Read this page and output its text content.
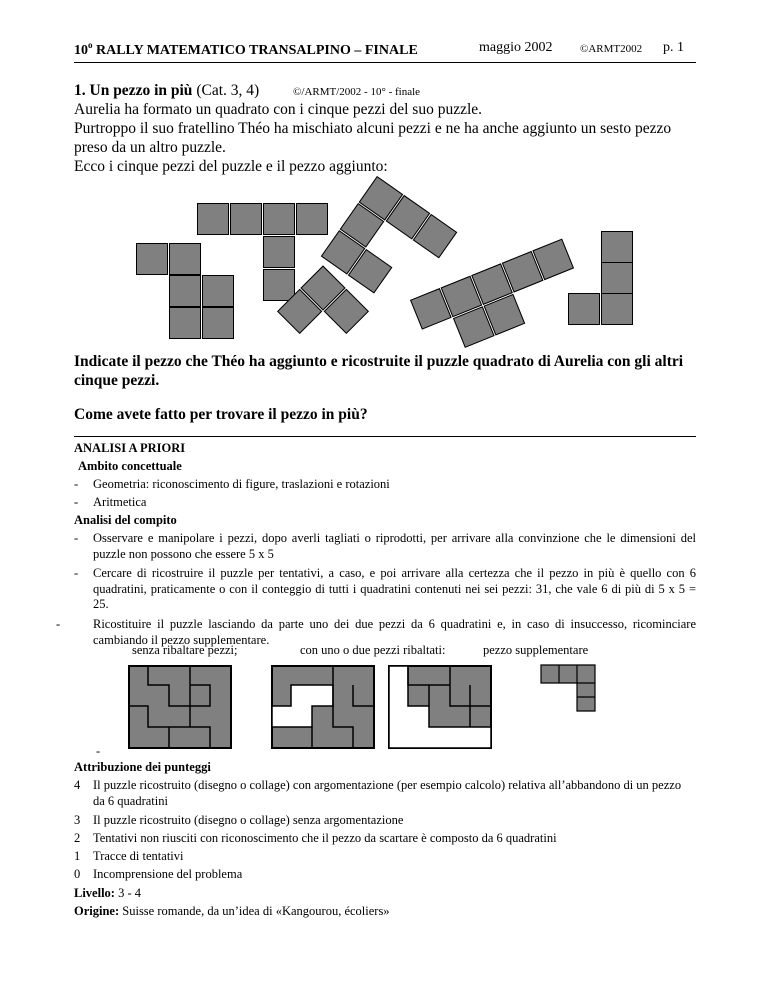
10$^o$ RALLY MATEMATICO TRANSALPINO – FINALE	maggio 2002	©ARMT2002 p. 1
1. Un pezzo in più (Cat. 3, 4)	©/ARMT/2002 - 10° - finale
Aurelia ha formato un quadrato con i cinque pezzi del suo puzzle.
Purtroppo il suo fratellino Théo ha mischiato alcuni pezzi e ne ha anche aggiunto un sesto pezzo
preso da un altro puzzle.
Ecco i cinque pezzi del puzzle e il pezzo aggiunto:
Indicate il pezzo che Théo ha aggiunto e ricostruite il puzzle quadrato di Aurelia con gli altri cinque pezzi.
Come avete fatto per trovare il pezzo in più?
ANALISI A PRIORI
Ambito concettuale
- Geometria: riconoscimento di figure, traslazioni e rotazioni
- Aritmetica
Analisi del compito
- Osservare e manipolare i pezzi, dopo averli tagliati o riprodotti, per arrivare alla convinzione che le dimensioni del puzzle non possono che essere 5 x 5
- Cercare di ricostruire il puzzle per tentativi, a caso, e poi arrivare alla certezza che il pezzo in più è quello con 6 quadratini, praticamente o con il conteggio di tutti i quadratini contenuti nei sei pezzi: 31, che vale 6 di più di 5 x 5 = 25.
-	Ricostituire il puzzle lasciando da parte uno dei due pezzi da 6 quadratini e, in caso di insuccesso, ricominciare cambiando il pezzo supplementare.
senza ribaltare pezzi;	con uno o due pezzi ribaltati:	pezzo supplementare
-
Attribuzione dei punteggi
4 Il puzzle ricostruito (disegno o collage) con argomentazione (per esempio calcolo) relativa all’abbandono di un pezzo da 6 quadratini
3 Il puzzle ricostruito (disegno o collage) senza argomentazione
2 Tentativi non riusciti con riconoscimento che il pezzo da scartare è composto da 6 quadratini
1 Tracce di tentativi
0 Incomprensione del problema
Livello: 3 - 4
Origine: Suisse romande, da un’idea di «Kangourou, écoliers»
